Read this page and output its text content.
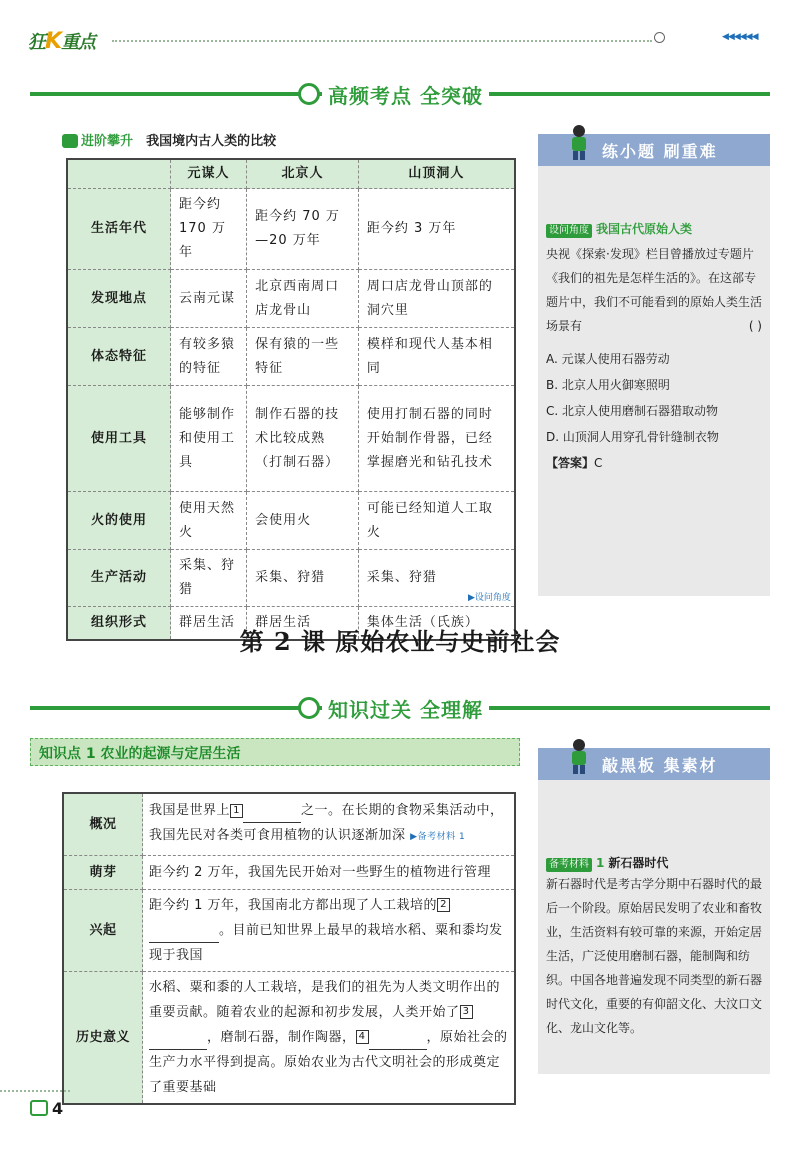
狂K重点	◀◀◀◀◀◀
高频考点 全突破
进阶攀升 我国境内古人类的比较
	元谋人	北京人	山顶洞人
生活年代	距今约 170 万年	距今约 70 万—20 万年	距今约 3 万年
发现地点	云南元谋	北京西南周口店龙骨山	周口店龙骨山顶部的洞穴里
体态特征	有较多猿的特征	保有猿的一些特征	模样和现代人基本相同
使用工具	能够制作和使用工具	制作石器的技术比较成熟（打制石器）	使用打制石器的同时开始制作骨器，已经掌握磨光和钻孔技术
火的使用	使用天然火	会使用火	可能已经知道人工取火
生产活动	采集、狩猎	采集、狩猎	采集、狩猎
组织形式	群居生活	群居生活	集体生活（氏族）
▶设问角度
练小题 刷重难
设问角度 我国古代原始人类
央视《探索·发现》栏目曾播放过专题片《我们的祖先是怎样生活的》。在这部专题片中，我们不可能看到的原始人类生活场景有	( )
A. 元谋人使用石器劳动
B. 北京人用火御寒照明
C. 北京人使用磨制石器猎取动物
D. 山顶洞人用穿孔骨针缝制衣物
【答案】C
第 2 课 原始农业与史前社会
知识过关 全理解
知识点 1 农业的起源与定居生活
概况	我国是世界上 1 之一。在长期的食物采集活动中，我国先民对各类可食用植物的认识逐渐加深 ▶备考材料 1
萌芽	距今约 2 万年，我国先民开始对一些野生的植物进行管理
兴起	距今约 1 万年，我国南北方都出现了人工栽培的 2。目前已知世界上最早的栽培水稻、粟和黍均发现于我国
历史意义	水稻、粟和黍的人工栽培，是我们的祖先为人类文明作出的重要贡献。随着农业的起源和初步发展，人类开始了 3，磨制石器，制作陶器， 4 ，原始社会的生产力水平得到提高。原始农业为古代文明社会的形成奠定了重要基础
敲黑板 集素材
备考材料 1 新石器时代
新石器时代是考古学分期中石器时代的最后一个阶段。原始居民发明了农业和畜牧业，生活资料有较可靠的来源，开始定居生活，广泛使用磨制石器，能制陶和纺织。中国各地普遍发现不同类型的新石器时代文化，重要的有仰韶文化、大汶口文化、龙山文化等。
4
